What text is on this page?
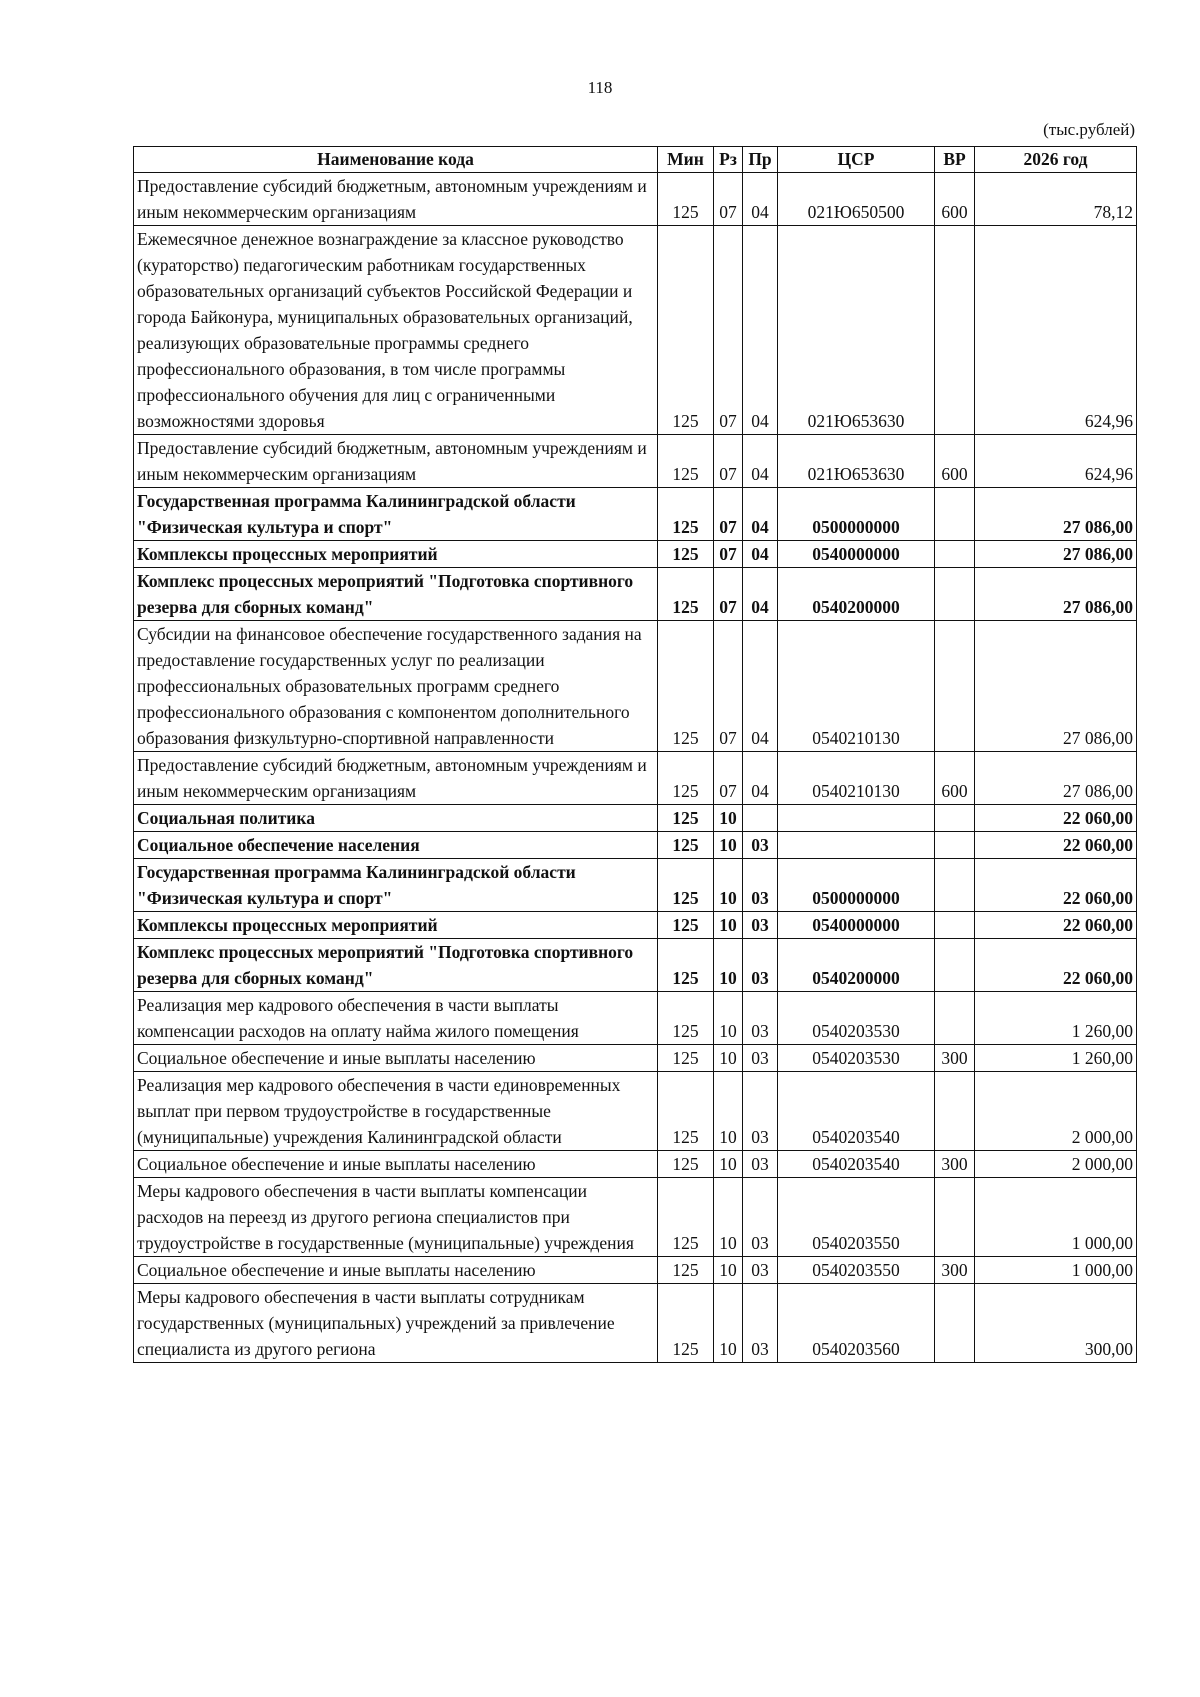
118
(тыс.рублей)
Наименование кода	Мин	Рз	Пр	ЦСР	ВР	2026 год
Предоставление субсидий бюджетным, автономным учреждениям и иным некоммерческим организациям	125	07	04	021Ю650500	600	78,12
Ежемесячное денежное вознаграждение за классное руководство (кураторство) педагогическим работникам государственных образовательных организаций субъектов Российской Федерации и города Байконура, муниципальных образовательных организаций, реализующих образовательные программы среднего профессионального образования, в том числе программы профессионального обучения для лиц с ограниченными возможностями здоровья	125	07	04	021Ю653630		624,96
Предоставление субсидий бюджетным, автономным учреждениям и иным некоммерческим организациям	125	07	04	021Ю653630	600	624,96
Государственная программа Калининградской области "Физическая культура и спорт"	125	07	04	0500000000		27 086,00
Комплексы процессных мероприятий	125	07	04	0540000000		27 086,00
Комплекс процессных мероприятий "Подготовка спортивного резерва для сборных команд"	125	07	04	0540200000		27 086,00
Субсидии на финансовое обеспечение государственного задания на предоставление государственных услуг по реализации профессиональных образовательных программ среднего профессионального образования с компонентом дополнительного образования физкультурно-спортивной направленности	125	07	04	0540210130		27 086,00
Предоставление субсидий бюджетным, автономным учреждениям и иным некоммерческим организациям	125	07	04	0540210130	600	27 086,00
Социальная политика	125	10				22 060,00
Социальное обеспечение населения	125	10	03			22 060,00
Государственная программа Калининградской области "Физическая культура и спорт"	125	10	03	0500000000		22 060,00
Комплексы процессных мероприятий	125	10	03	0540000000		22 060,00
Комплекс процессных мероприятий "Подготовка спортивного резерва для сборных команд"	125	10	03	0540200000		22 060,00
Реализация мер кадрового обеспечения в части выплаты компенсации расходов на оплату найма жилого помещения	125	10	03	0540203530		1 260,00
Социальное обеспечение и иные выплаты населению	125	10	03	0540203530	300	1 260,00
Реализация мер кадрового обеспечения в части единовременных выплат при первом трудоустройстве в государственные (муниципальные) учреждения Калининградской области	125	10	03	0540203540		2 000,00
Социальное обеспечение и иные выплаты населению	125	10	03	0540203540	300	2 000,00
Меры кадрового обеспечения в части выплаты компенсации расходов на переезд из другого региона специалистов при трудоустройстве в государственные (муниципальные) учреждения	125	10	03	0540203550		1 000,00
Социальное обеспечение и иные выплаты населению	125	10	03	0540203550	300	1 000,00
Меры кадрового обеспечения в части выплаты сотрудникам государственных (муниципальных) учреждений за привлечение специалиста из другого региона	125	10	03	0540203560		300,00
